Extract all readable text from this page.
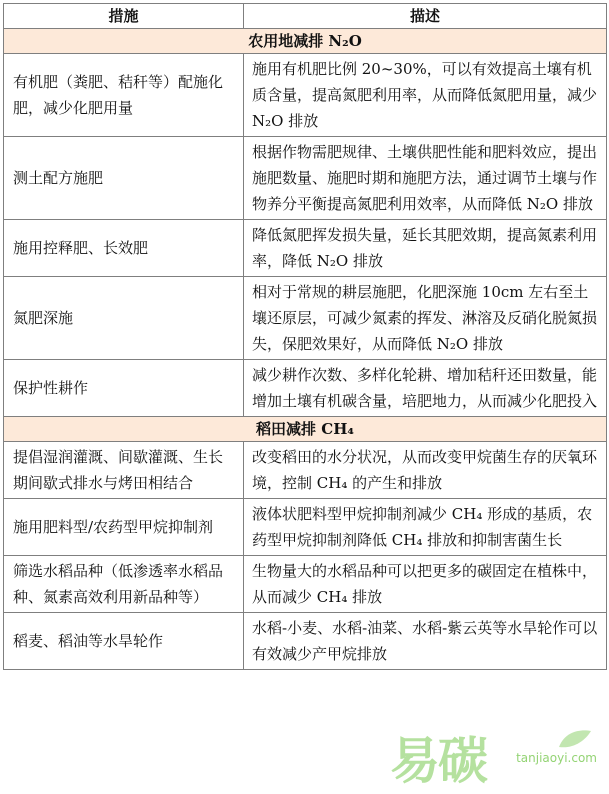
措施	描述
农用地减排 N₂O	
有机肥（粪肥、秸秆等）配施化肥，减少化肥用量	施用有机肥比例 20~30%，可以有效提高土壤有机质含量，提高氮肥利用率，从而降低氮肥用量，减少 N₂O 排放
测土配方施肥	根据作物需肥规律、土壤供肥性能和肥料效应，提出施肥数量、施肥时期和施肥方法，通过调节土壤与作物养分平衡提高氮肥利用效率，从而降低 N₂O 排放
施用控释肥、长效肥	降低氮肥挥发损失量，延长其肥效期，提高氮素利用率，降低 N₂O 排放
氮肥深施	相对于常规的耕层施肥，化肥深施 10cm 左右至土壤还原层，可减少氮素的挥发、淋溶及反硝化脱氮损失，保肥效果好，从而降低 N₂O 排放
保护性耕作	减少耕作次数、多样化轮耕、增加秸秆还田数量，能增加土壤有机碳含量，培肥地力，从而减少化肥投入
稻田减排 CH₄	
提倡湿润灌溉、间歇灌溉、生长期间歇式排水与烤田相结合	改变稻田的水分状况，从而改变甲烷菌生存的厌氧环境，控制 CH₄ 的产生和排放
施用肥料型/农药型甲烷抑制剂	液体状肥料型甲烷抑制剂减少 CH₄ 形成的基质，农药型甲烷抑制剂降低 CH₄ 排放和抑制害菌生长
筛选水稻品种（低渗透率水稻品种、氮素高效利用新品种等）	生物量大的水稻品种可以把更多的碳固定在植株中，从而减少 CH₄ 排放
稻麦、稻油等水旱轮作	水稻-小麦、水稻-油菜、水稻-紫云英等水旱轮作可以有效减少产甲烷排放
易碳	tanjiaoyi.com
